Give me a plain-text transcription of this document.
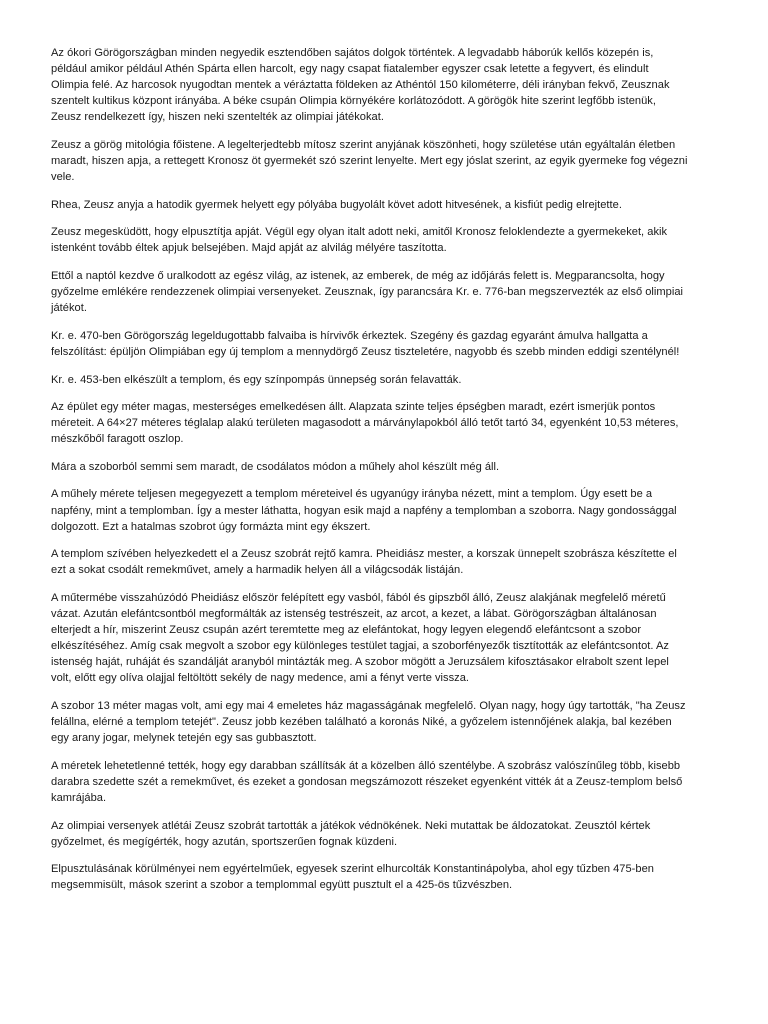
Az ókori Görögországban minden negyedik esztendőben sajátos dolgok történtek. A legvadabb háborúk kellős közepén is, például amikor például Athén Spárta ellen harcolt, egy nagy csapat fiatalember egyszer csak letette a fegyvert, és elindult Olimpia felé. Az harcosok nyugodtan mentek a véráztatta földeken az Athéntól 150 kilométerre, déli irányban fekvő, Zeusznak szentelt kultikus központ irányába. A béke csupán Olimpia környékére korlátozódott. A görögök hite szerint legfőbb istenük, Zeusz rendelkezett így, hiszen neki szentelték az olimpiai játékokat.

Zeusz a görög mitológia főistene. A legelterjedtebb mítosz szerint anyjának köszönheti, hogy születése után egyáltalán életben maradt, hiszen apja, a rettegett Kronosz öt gyermekét szó szerint lenyelte. Mert egy jóslat szerint, az egyik gyermeke fog végezni vele.

Rhea, Zeusz anyja a hatodik gyermek helyett egy pólyába bugyolált követ adott hitvesének, a kisfiút pedig elrejtette.

Zeusz megesküdött, hogy elpusztítja apját. Végül egy olyan italt adott neki, amitől Kronosz feloklendezte a gyermekeket, akik istenként tovább éltek apjuk belsejében. Majd apját az alvilág mélyére taszította.

Ettől a naptól kezdve ő uralkodott az egész világ, az istenek, az emberek, de még az időjárás felett is. Megparancsolta, hogy győzelme emlékére rendezzenek olimpiai versenyeket. Zeusznak, így parancsára Kr. e. 776-ban megszervezték az első olimpiai játékot.

Kr. e. 470-ben Görögország legeldugottabb falvaiba is hírvivők érkeztek. Szegény és gazdag egyaránt ámulva hallgatta a felszólítást: épüljön Olimpiában egy új templom a mennydörgő Zeusz tiszteletére, nagyobb és szebb minden eddigi szentélynél!

Kr. e. 453-ben elkészült a templom, és egy színpompás ünnepség során felavatták.

Az épület egy méter magas, mesterséges emelkedésen állt. Alapzata szinte teljes épségben maradt, ezért ismerjük pontos méreteit. A 64×27 méteres téglalap alakú területen magasodott a márványlapokból álló tetőt tartó 34, egyenként 10,53 méteres, mészkőből faragott oszlop.

Mára a szoborból semmi sem maradt, de csodálatos módon a műhely ahol készült még áll.

A műhely mérete teljesen megegyezett a templom méreteivel és ugyanúgy irányba nézett, mint a templom. Úgy esett be a napfény, mint a templomban. Így a mester láthatta, hogyan esik majd a napfény a templomban a szoborra. Nagy gondossággal dolgozott. Ezt a hatalmas szobrot úgy formázta mint egy ékszert.

A templom szívében helyezkedett el a Zeusz szobrát rejtő kamra. Pheidiász mester, a korszak ünnepelt szobrásza készítette el ezt a sokat csodált remekművet, amely a harmadik helyen áll a világcsodák listáján.

A műtermébe visszahúzódó Pheidiász először felépített egy vasból, fából és gipszből álló, Zeusz alakjának megfelelő méretű vázat. Azután elefántcsontból megformálták az istenség testrészeit, az arcot, a kezet, a lábat. Görögországban általánosan elterjedt a hír, miszerint Zeusz csupán azért teremtette meg az elefántokat, hogy legyen elegendő elefántcsont a szobor elkészítéséhez. Amíg csak megvolt a szobor egy különleges testület tagjai, a szoborfényezők tisztították az elefántcsontot. Az istenség haját, ruháját és szandálját aranyból mintázták meg. A szobor mögött a Jeruzsálem kifosztásakor elrabolt szent lepel volt, előtt egy olíva olajjal feltöltött sekély de nagy medence, ami a fényt verte vissza.

A szobor 13 méter magas volt, ami egy mai 4 emeletes ház magasságának megfelelő. Olyan nagy, hogy úgy tartották, "ha Zeusz felállna, elérné a templom tetejét". Zeusz jobb kezében található a koronás Niké, a győzelem istennőjének alakja, bal kezében egy arany jogar, melynek tetején egy sas gubbasztott.

A méretek lehetetlenné tették, hogy egy darabban szállítsák át a közelben álló szentélybe. A szobrász valószínűleg több, kisebb darabra szedette szét a remekművet, és ezeket a gondosan megszámozott részeket egyenként vitték át a Zeusz-templom belső kamrájába.

Az olimpiai versenyek atlétái Zeusz szobrát tartották a játékok védnökének. Neki mutattak be áldozatokat. Zeusztól kértek győzelmet, és megígérték, hogy azután, sportszerűen fognak küzdeni.

Elpusztulásának körülményei nem egyértelműek, egyesek szerint elhurcolták Konstantinápolyba, ahol egy tűzben 475-ben megsemmisült, mások szerint a szobor a templommal együtt pusztult el a 425-ös tűzvészben.
